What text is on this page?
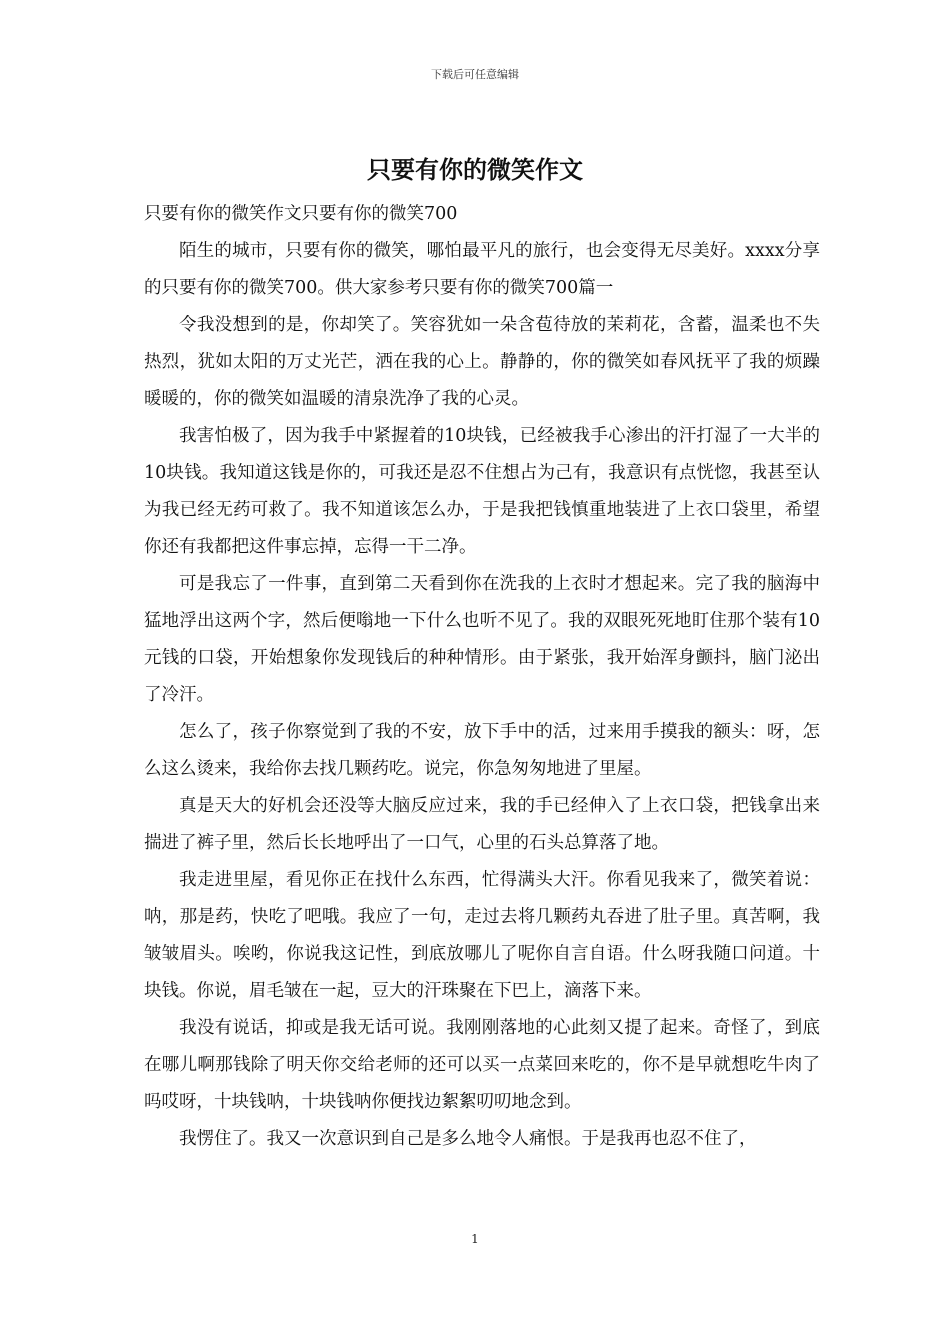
下载后可任意编辑
只要有你的微笑作文

只要有你的微笑作文只要有你的微笑700

陌生的城市，只要有你的微笑，哪怕最平凡的旅行，也会变得无尽美好。xxxx分享的只要有你的微笑700。供大家参考只要有你的微笑700篇一

令我没想到的是，你却笑了。笑容犹如一朵含苞待放的茉莉花，含蓄，温柔也不失热烈，犹如太阳的万丈光芒，洒在我的心上。静静的，你的微笑如春风抚平了我的烦躁暖暖的，你的微笑如温暖的清泉洗净了我的心灵。

我害怕极了，因为我手中紧握着的10块钱，已经被我手心渗出的汗打湿了一大半的10块钱。我知道这钱是你的，可我还是忍不住想占为己有，我意识有点恍惚，我甚至认为我已经无药可救了。我不知道该怎么办，于是我把钱慎重地装进了上衣口袋里，希望你还有我都把这件事忘掉，忘得一干二净。

可是我忘了一件事，直到第二天看到你在洗我的上衣时才想起来。完了我的脑海中猛地浮出这两个字，然后便嗡地一下什么也听不见了。我的双眼死死地盯住那个装有10元钱的口袋，开始想象你发现钱后的种种情形。由于紧张，我开始浑身颤抖，脑门泌出了冷汗。

怎么了，孩子你察觉到了我的不安，放下手中的活，过来用手摸我的额头：呀，怎么这么烫来，我给你去找几颗药吃。说完，你急匆匆地进了里屋。

真是天大的好机会还没等大脑反应过来，我的手已经伸入了上衣口袋，把钱拿出来揣进了裤子里，然后长长地呼出了一口气，心里的石头总算落了地。

我走进里屋，看见你正在找什么东西，忙得满头大汗。你看见我来了，微笑着说：呐，那是药，快吃了吧哦。我应了一句，走过去将几颗药丸吞进了肚子里。真苦啊，我皱皱眉头。唉哟，你说我这记性，到底放哪儿了呢你自言自语。什么呀我随口问道。十块钱。你说，眉毛皱在一起，豆大的汗珠聚在下巴上，滴落下来。

我没有说话，抑或是我无话可说。我刚刚落地的心此刻又提了起来。奇怪了，到底在哪儿啊那钱除了明天你交给老师的还可以买一点菜回来吃的，你不是早就想吃牛肉了吗哎呀，十块钱呐，十块钱呐你便找边絮絮叨叨地念到。

我愣住了。我又一次意识到自己是多么地令人痛恨。于是我再也忍不住了，

1
